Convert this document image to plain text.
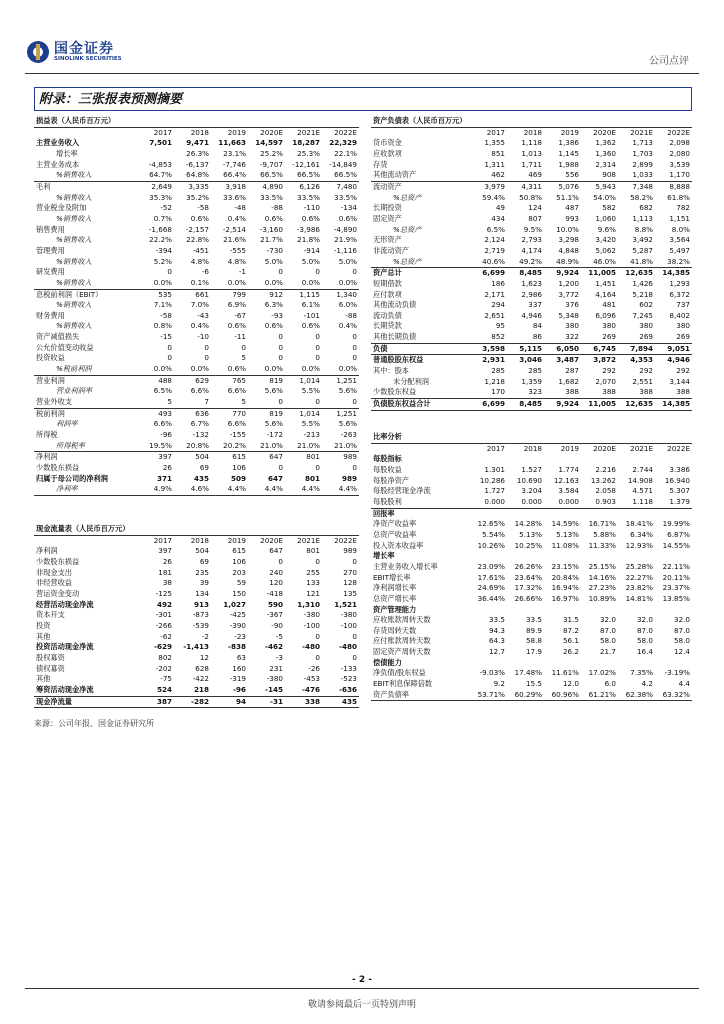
国金证券
SINOLINK SECURITIES	公司点评
附录：三张报表预测摘要
损益表（人民币百万元）						
	2017	2018	2019	2020E	2021E	2022E
主营业务收入	7,501	9,471	11,663	14,597	18,287	22,329
增长率		26.3%	23.1%	25.2%	25.3%	22.1%
主营业务成本	-4,853	-6,137	-7,746	-9,707	-12,161	-14,849
%销售收入	64.7%	64.8%	66.4%	66.5%	66.5%	66.5%
毛利	2,649	3,335	3,918	4,890	6,126	7,480
%销售收入	35.3%	35.2%	33.6%	33.5%	33.5%	33.5%
营业税金及附加	-52	-58	-48	-88	-110	-134
%销售收入	0.7%	0.6%	0.4%	0.6%	0.6%	0.6%
销售费用	-1,668	-2,157	-2,514	-3,160	-3,986	-4,890
%销售收入	22.2%	22.8%	21.6%	21.7%	21.8%	21.9%
管理费用	-394	-451	-555	-730	-914	-1,116
%销售收入	5.2%	4.8%	4.8%	5.0%	5.0%	5.0%
研发费用	0	-6	-1	0	0	0
%销售收入	0.0%	0.1%	0.0%	0.0%	0.0%	0.0%
息税前利润（EBIT）	535	661	799	912	1,115	1,340
%销售收入	7.1%	7.0%	6.9%	6.3%	6.1%	6.0%
财务费用	-58	-43	-67	-93	-101	-88
%销售收入	0.8%	0.4%	0.6%	0.6%	0.6%	0.4%
资产减值损失	-15	-10	-11	0	0	0
公允价值变动收益	0	0	0	0	0	0
投资收益	0	0	5	0	0	0
%税前利润	0.0%	0.0%	0.6%	0.0%	0.0%	0.0%
营业利润	488	629	765	819	1,014	1,251
营业利润率	6.5%	6.6%	6.6%	5.6%	5.5%	5.6%
营业外收支	5	7	5	0	0	0
税前利润	493	636	770	819	1,014	1,251
利润率	6.6%	6.7%	6.6%	5.6%	5.5%	5.6%
所得税	-96	-132	-155	-172	-213	-263
所得税率	19.5%	20.8%	20.2%	21.0%	21.0%	21.0%
净利润	397	504	615	647	801	989
少数股东损益	26	69	106	0	0	0
归属于母公司的净利润	371	435	509	647	801	989
净利率	4.9%	4.6%	4.4%	4.4%	4.4%	4.4%
资产负债表（人民币百万元）						
	2017	2018	2019	2020E	2021E	2022E
货币资金	1,355	1,118	1,386	1,362	1,713	2,098
应收款项	851	1,013	1,145	1,360	1,703	2,080
存货	1,311	1,711	1,988	2,314	2,899	3,539
其他流动资产	462	469	556	908	1,033	1,170
流动资产	3,979	4,311	5,076	5,943	7,348	8,888
%总资产	59.4%	50.8%	51.1%	54.0%	58.2%	61.8%
长期投资	49	124	487	582	682	782
固定资产	434	807	993	1,060	1,113	1,151
%总资产	6.5%	9.5%	10.0%	9.6%	8.8%	8.0%
无形资产	2,124	2,793	3,298	3,420	3,492	3,564
非流动资产	2,719	4,174	4,848	5,062	5,287	5,497
%总资产	40.6%	49.2%	48.9%	46.0%	41.8%	38.2%
资产总计	6,699	8,485	9,924	11,005	12,635	14,385
短期借款	186	1,623	1,200	1,451	1,426	1,293
应付款项	2,171	2,986	3,772	4,164	5,218	6,372
其他流动负债	294	337	376	481	602	737
流动负债	2,651	4,946	5,348	6,096	7,245	8,402
长期贷款	95	84	380	380	380	380
其他长期负债	852	86	322	269	269	269
负债	3,598	5,115	6,050	6,745	7,894	9,051
普通股股东权益	2,931	3,046	3,487	3,872	4,353	4,946
其中：股本	285	285	287	292	292	292
未分配利润	1,218	1,359	1,682	2,070	2,551	3,144
少数股东权益	170	323	388	388	388	388
负债股东权益合计	6,699	8,485	9,924	11,005	12,635	14,385
比率分析						
	2017	2018	2019	2020E	2021E	2022E
每股指标						
每股收益	1.301	1.527	1.774	2.216	2.744	3.386
每股净资产	10.286	10.690	12.163	13.262	14.908	16.940
每股经营现金净流	1.727	3.204	3.584	2.058	4.571	5.307
每股股利	0.000	0.000	0.000	0.903	1.118	1.379
回报率						
净资产收益率	12.65%	14.28%	14.59%	16.71%	18.41%	19.99%
总资产收益率	5.54%	5.13%	5.13%	5.88%	6.34%	6.87%
投入资本收益率	10.26%	10.25%	11.08%	11.33%	12.93%	14.55%
增长率						
主营业务收入增长率	23.09%	26.26%	23.15%	25.15%	25.28%	22.11%
EBIT增长率	17.61%	23.64%	20.84%	14.16%	22.27%	20.11%
净利润增长率	24.69%	17.32%	16.94%	27.23%	23.82%	23.37%
总资产增长率	36.44%	26.66%	16.97%	10.89%	14.81%	13.85%
资产管理能力						
应收账款周转天数	33.5	33.5	31.5	32.0	32.0	32.0
存货周转天数	94.3	89.9	87.2	87.0	87.0	87.0
应付账款周转天数	64.3	58.8	56.1	58.0	58.0	58.0
固定资产周转天数	12.7	17.9	26.2	21.7	16.4	12.4
偿债能力						
净负债/股东权益	-9.03%	17.48%	11.61%	17.02%	7.35%	-3.19%
EBIT利息保障倍数	9.2	15.5	12.0	6.0	4.2	4.4
资产负债率	53.71%	60.29%	60.96%	61.21%	62.38%	63.32%
现金流量表（人民币百万元）						
	2017	2018	2019	2020E	2021E	2022E
净利润	397	504	615	647	801	989
少数股东损益	26	69	106	0	0	0
非现金支出	181	235	203	240	255	270
非经营收益	38	39	59	120	133	128
营运资金变动	-125	134	150	-418	121	135
经营活动现金净流	492	913	1,027	590	1,310	1,521
资本开支	-301	-873	-425	-367	-380	-380
投资	-266	-539	-390	-90	-100	-100
其他	-62	-2	-23	-5	0	0
投资活动现金净流	-629	-1,413	-838	-462	-480	-480
股权募资	802	12	63	-3	0	0
债权募资	-202	628	160	231	-26	-133
其他	-75	-422	-319	-380	-453	-523
筹资活动现金净流	524	218	-96	-145	-476	-636
现金净流量	387	-282	94	-31	338	435
来源：公司年报、国金证券研究所
- 2 -
敬请参阅最后一页特别声明
